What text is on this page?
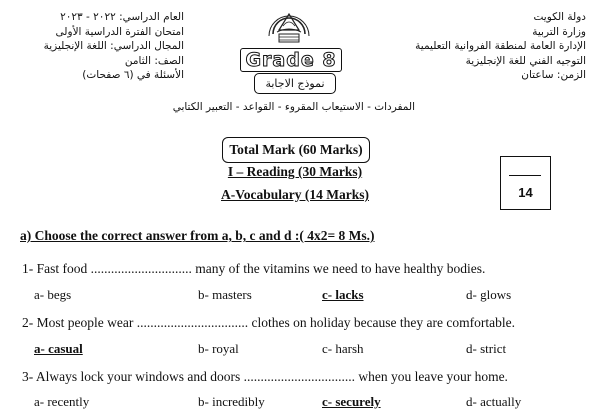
دولة الكويت
وزارة التربية
الإدارة العامة لمنطقة الفروانية التعليمية
التوجيه الفني للغة الإنجليزية
الزمن: ساعتان
العام الدراسي: ٢٠٢٢ - ٢٠٢٣
امتحان الفترة الدراسية الأولى
المجال الدراسي: اللغة الإنجليزية
الصف: الثامن
الأسئلة في (٦ صفحات)
Grade 8
نموذج الاجابة
المفردات - الاستيعاب المقروء - القواعد - التعبير الكتابي
Total Mark (60 Marks)
I – Reading (30 Marks)
A-Vocabulary (14 Marks)	14
a) Choose the correct answer from a, b, c and d :( 4x2= 8 Ms.)
1- Fast food .............................. many of the vitamins we need to have healthy bodies.
a- begs	b- masters	c- lacks	d- glows
2- Most people wear ................................. clothes on holiday because they are comfortable.
a- casual	b- royal	c- harsh	d- strict
3- Always lock your windows and doors ................................. when you leave your home.
a- recently	b- incredibly	c- securely	d- actually
